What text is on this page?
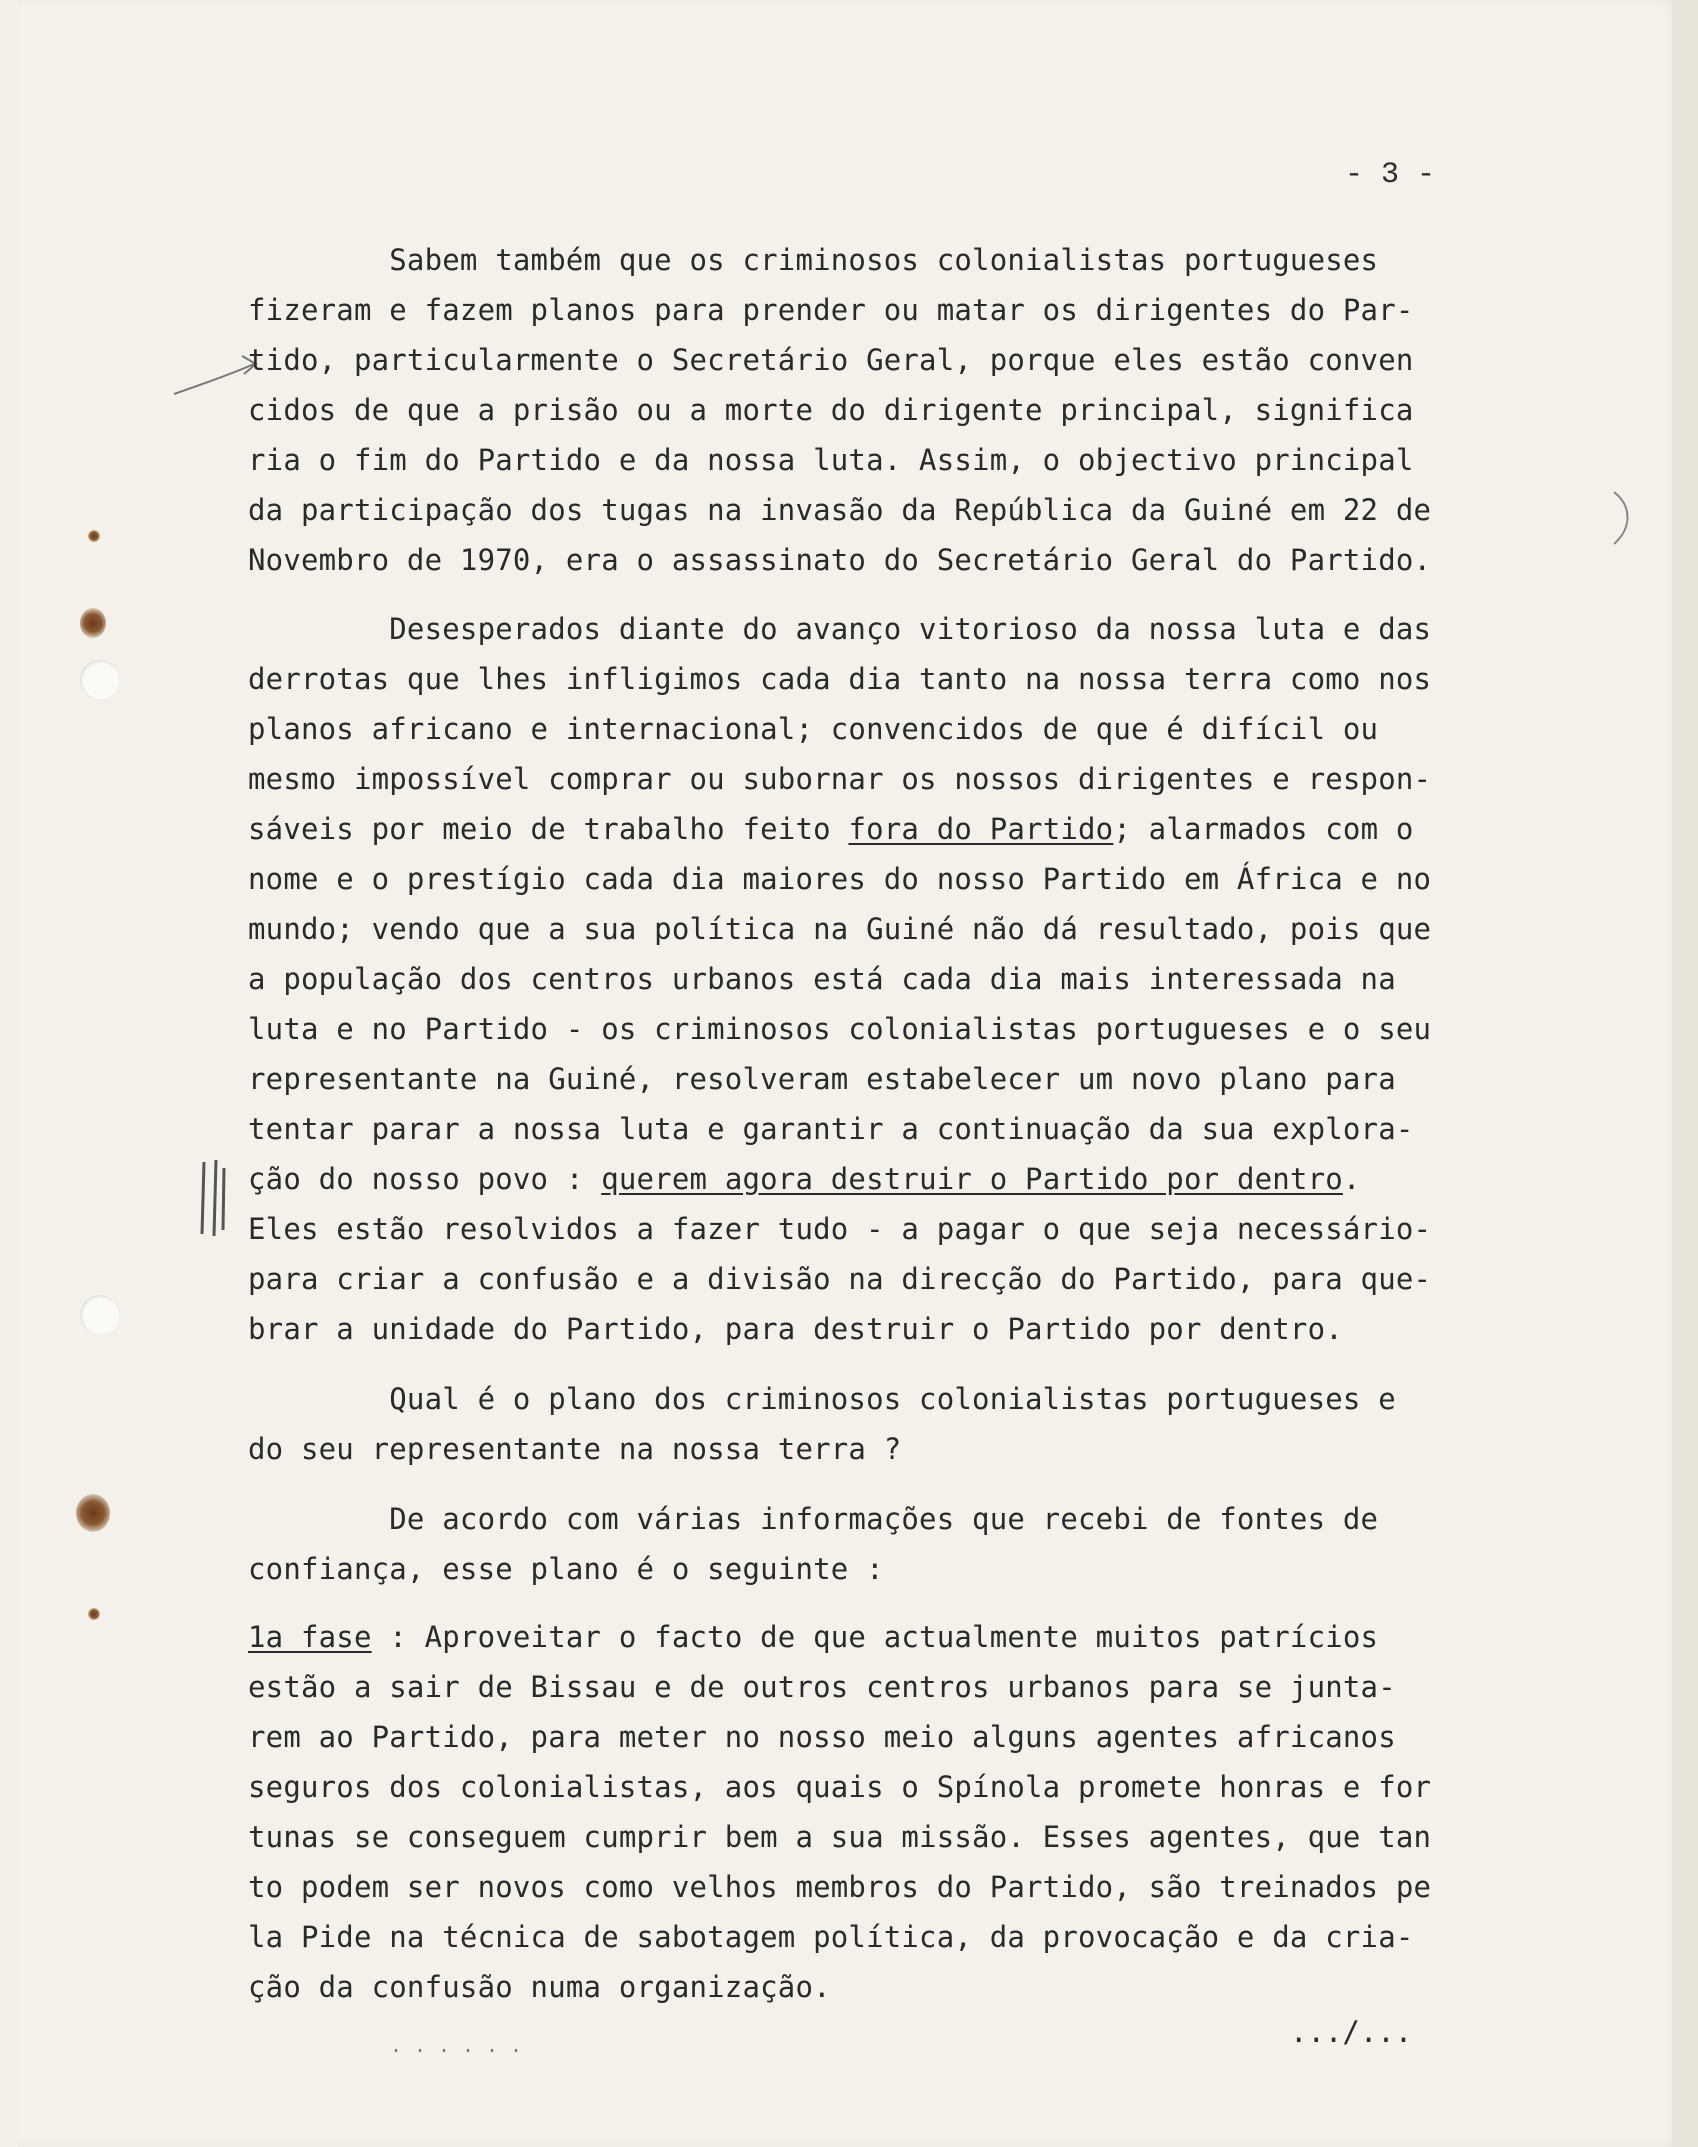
- 3 -
Sabem também que os criminosos colonialistas portugueses
fizeram e fazem planos para prender ou matar os dirigentes do Par-
tido, particularmente o Secretário Geral, porque eles estão conven
cidos de que a prisão ou a morte do dirigente principal, significa
ria o fim do Partido e da nossa luta. Assim, o objectivo principal
da participação dos tugas na invasão da República da Guiné em 22 de
Novembro de 1970, era o assassinato do Secretário Geral do Partido.
Desesperados diante do avanço vitorioso da nossa luta e das
derrotas que lhes infligimos cada dia tanto na nossa terra como nos
planos africano e internacional; convencidos de que é difícil ou
mesmo impossível comprar ou subornar os nossos dirigentes e respon-
sáveis por meio de trabalho feito fora do Partido; alarmados com o
nome e o prestígio cada dia maiores do nosso Partido em África e no
mundo; vendo que a sua política na Guiné não dá resultado, pois que
a população dos centros urbanos está cada dia mais interessada na
luta e no Partido - os criminosos colonialistas portugueses e o seu
representante na Guiné, resolveram estabelecer um novo plano para
tentar parar a nossa luta e garantir a continuação da sua explora-
ção do nosso povo : querem agora destruir o Partido por dentro.
Eles estão resolvidos a fazer tudo - a pagar o que seja necessário-
para criar a confusão e a divisão na direcção do Partido, para que-
brar a unidade do Partido, para destruir o Partido por dentro.
Qual é o plano dos criminosos colonialistas portugueses e
do seu representante na nossa terra ?
De acordo com várias informações que recebi de fontes de
confiança, esse plano é o seguinte :
1a fase : Aproveitar o facto de que actualmente muitos patrícios
estão a sair de Bissau e de outros centros urbanos para se junta-
rem ao Partido, para meter no nosso meio alguns agentes africanos
seguros dos colonialistas, aos quais o Spínola promete honras e for
tunas se conseguem cumprir bem a sua missão. Esses agentes, que tan
to podem ser novos como velhos membros do Partido, são treinados pe
la Pide na técnica de sabotagem política, da provocação e da cria-
ção da confusão numa organização.
.../...
· · · · · ·
